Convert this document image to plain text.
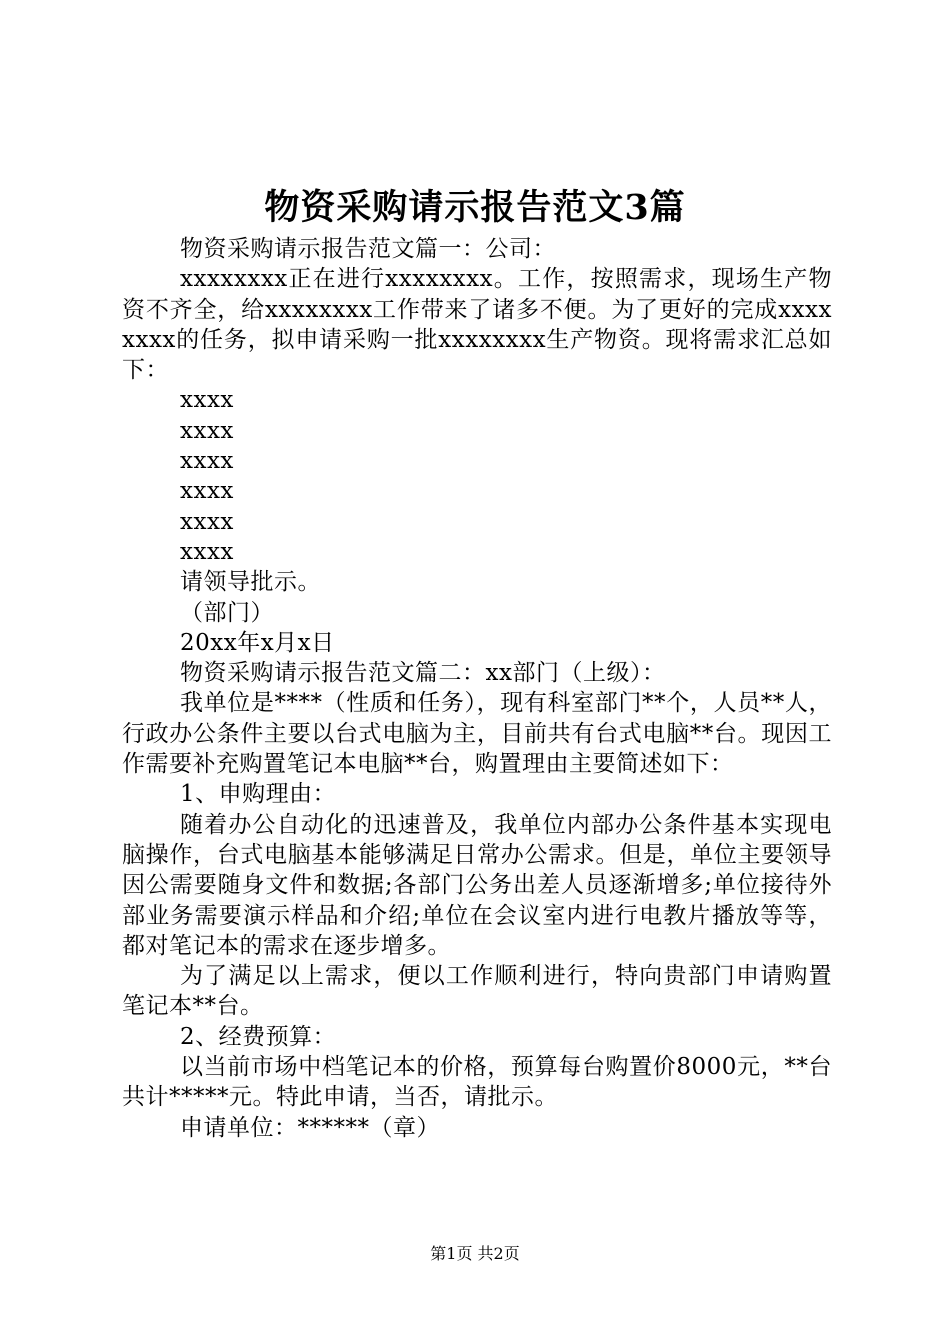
物资采购请示报告范文3篇

物资采购请示报告范文篇一：公司：

xxxxxxxx正在进行xxxxxxxx。工作，按照需求，现场生产物资不齐全，给xxxxxxxx工作带来了诸多不便。为了更好的完成xxxxxxxx的任务，拟申请采购一批xxxxxxxx生产物资。现将需求汇总如下：

xxxx

xxxx

xxxx

xxxx

xxxx

xxxx

请领导批示。

（部门）

20xx年x月x日

物资采购请示报告范文篇二：xx部门（上级）：

我单位是****（性质和任务），现有科室部门**个，人员**人，行政办公条件主要以台式电脑为主，目前共有台式电脑**台。现因工作需要补充购置笔记本电脑**台，购置理由主要简述如下：

1、申购理由：

随着办公自动化的迅速普及，我单位内部办公条件基本实现电脑操作，台式电脑基本能够满足日常办公需求。但是，单位主要领导因公需要随身文件和数据;各部门公务出差人员逐渐增多;单位接待外部业务需要演示样品和介绍;单位在会议室内进行电教片播放等等，都对笔记本的需求在逐步增多。

为了满足以上需求，便以工作顺利进行，特向贵部门申请购置笔记本**台。

2、经费预算：

以当前市场中档笔记本的价格，预算每台购置价8000元，**台共计*****元。特此申请，当否，请批示。

申请单位：******（章）

第1页 共2页
